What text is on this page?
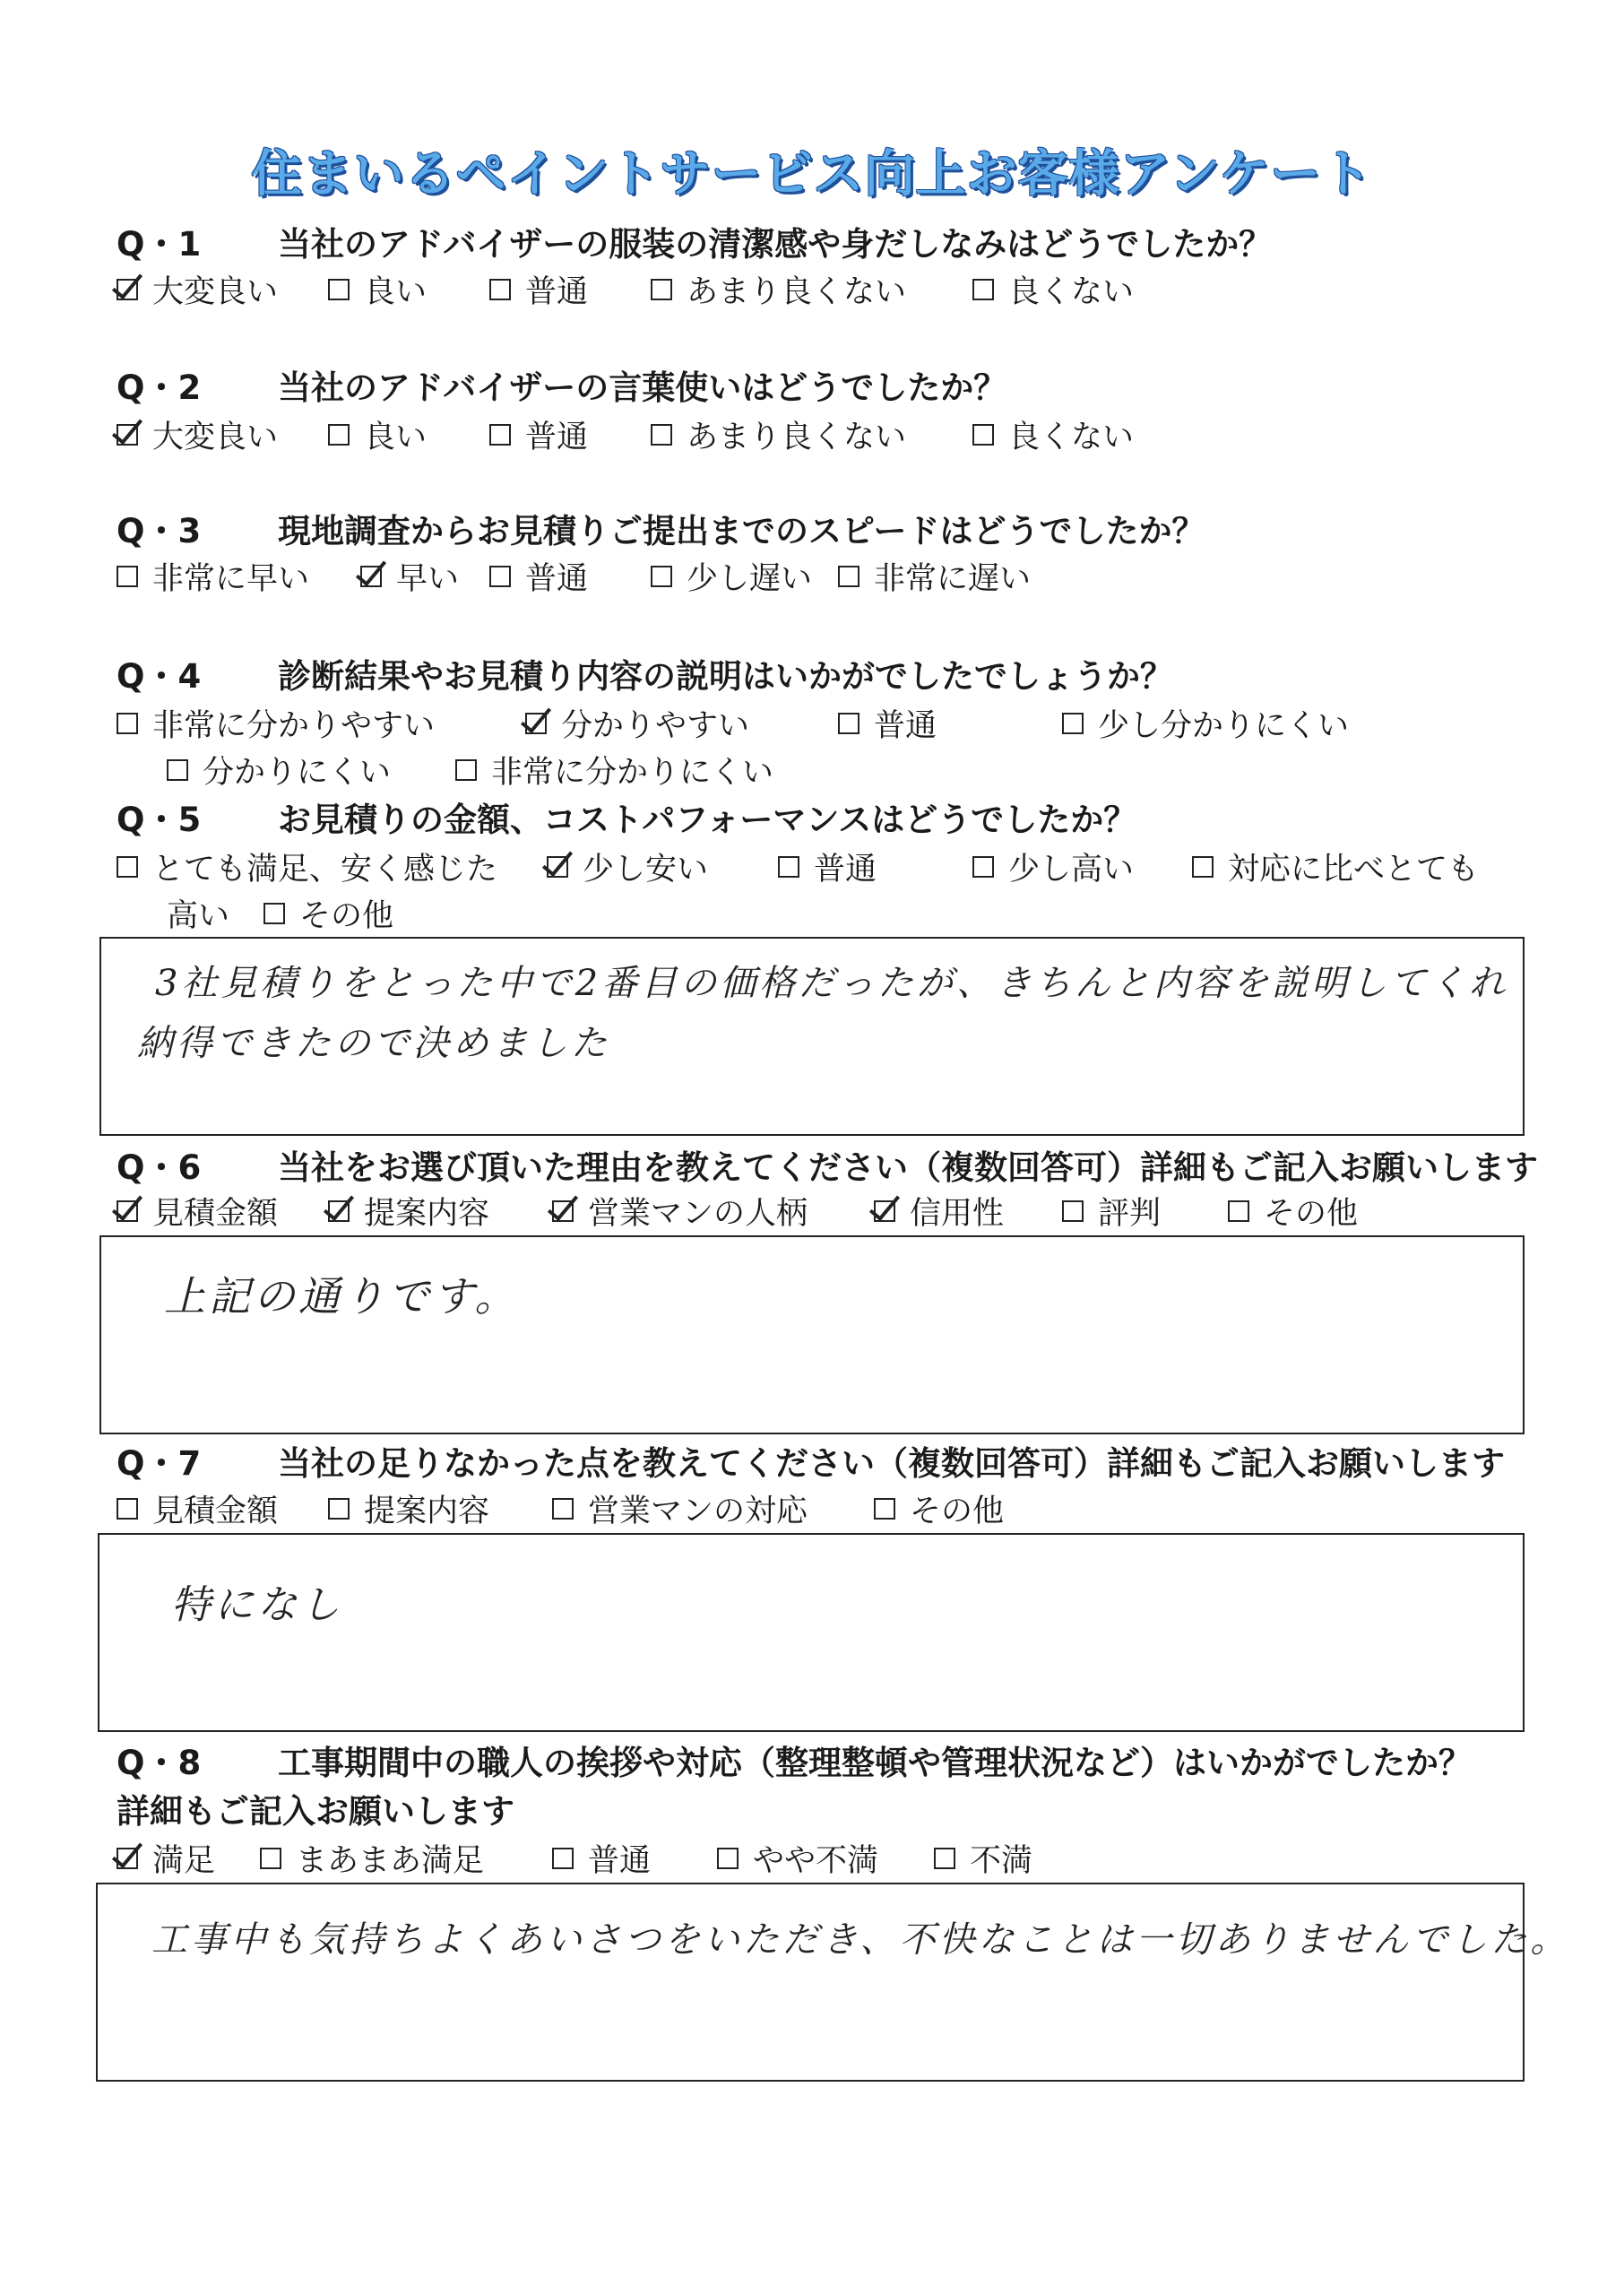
住まいるペイントサービス向上お客様アンケート
Q・1 当社のアドバイザーの服装の清潔感や身だしなみはどうでしたか？
大変良い	良い	普通	あまり良くない	良くない
Q・2 当社のアドバイザーの言葉使いはどうでしたか？
大変良い	良い	普通	あまり良くない	良くない
Q・3 現地調査からお見積りご提出までのスピードはどうでしたか？
非常に早い	早い	普通	少し遅い	非常に遅い
Q・4 診断結果やお見積り内容の説明はいかがでしたでしょうか？
非常に分かりやすい	分かりやすい	普通	少し分かりにくい
分かりにくい	非常に分かりにくい
Q・5 お見積りの金額、コストパフォーマンスはどうでしたか？
とても満足、安く感じた	少し安い	普通	少し高い	対応に比べとても
高い	その他
3社見積りをとった中で2番目の価格だったが、きちんと内容を説明してくれ
納得できたので決めました
Q・6 当社をお選び頂いた理由を教えてください（複数回答可）詳細もご記入お願いします
見積金額	提案内容	営業マンの人柄	信用性	評判	その他
上記の通りです。
Q・7 当社の足りなかった点を教えてください（複数回答可）詳細もご記入お願いします
見積金額	提案内容	営業マンの対応	その他
特になし
Q・8 工事期間中の職人の挨拶や対応（整理整頓や管理状況など）はいかがでしたか？
詳細もご記入お願いします
満足	まあまあ満足	普通	やや不満	不満
工事中も気持ちよくあいさつをいただき、不快なことは一切ありませんでした。
